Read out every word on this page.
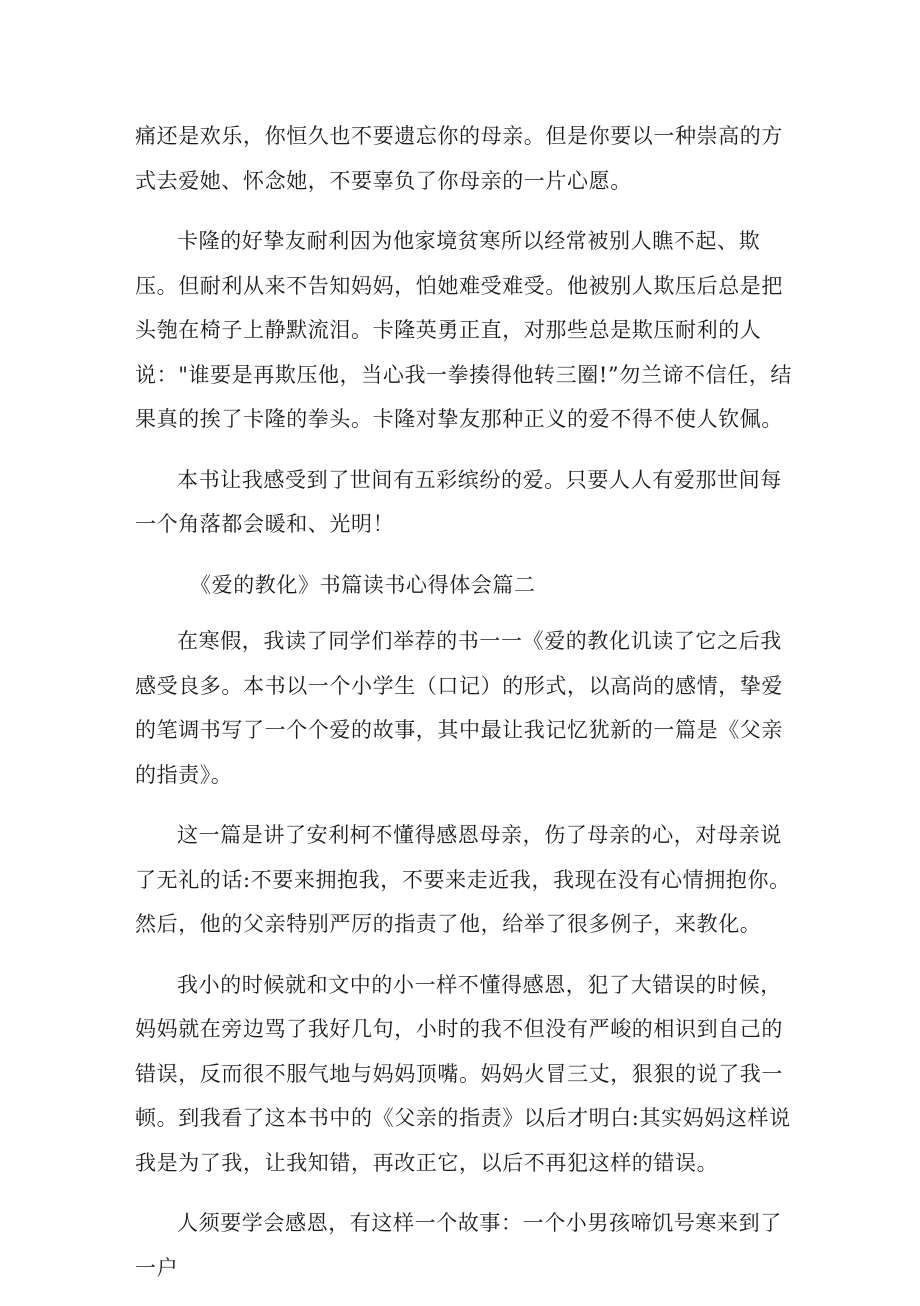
痛还是欢乐，你恒久也不要遗忘你的母亲。但是你要以一种崇高的方式去爱她、怀念她，不要辜负了你母亲的一片心愿。

卡隆的好挚友耐利因为他家境贫寒所以经常被别人瞧不起、欺压。但耐利从来不告知妈妈，怕她难受难受。他被别人欺压后总是把头匏在椅子上静默流泪。卡隆英勇正直，对那些总是欺压耐利的人说："谁要是再欺压他，当心我一拳揍得他转三圈!”勿兰谛不信任，结果真的挨了卡隆的拳头。卡隆对挚友那种正义的爱不得不使人钦佩。

本书让我感受到了世间有五彩缤纷的爱。只要人人有爱那世间每一个角落都会暖和、光明！

《爱的教化》书篇读书心得体会篇二

在寒假，我读了同学们举荐的书一一《爱的教化讥读了它之后我感受良多。本书以一个小学生（口记）的形式，以高尚的感情，挚爱的笔调书写了一个个爱的故事，其中最让我记忆犹新的一篇是《父亲的指责》。

这一篇是讲了安利柯不懂得感恩母亲，伤了母亲的心，对母亲说了无礼的话:不要来拥抱我，不要来走近我，我现在没有心情拥抱你。然后，他的父亲特别严厉的指责了他，给举了很多例子，来教化。

我小的时候就和文中的小一样不懂得感恩，犯了大错误的时候，妈妈就在旁边骂了我好几句，小时的我不但没有严峻的相识到自己的错误，反而很不服气地与妈妈顶嘴。妈妈火冒三丈，狠狠的说了我一顿。到我看了这本书中的《父亲的指责》以后才明白:其实妈妈这样说我是为了我，让我知错，再改正它，以后不再犯这样的错误。

人须要学会感恩，有这样一个故事：一个小男孩啼饥号寒来到了一户
